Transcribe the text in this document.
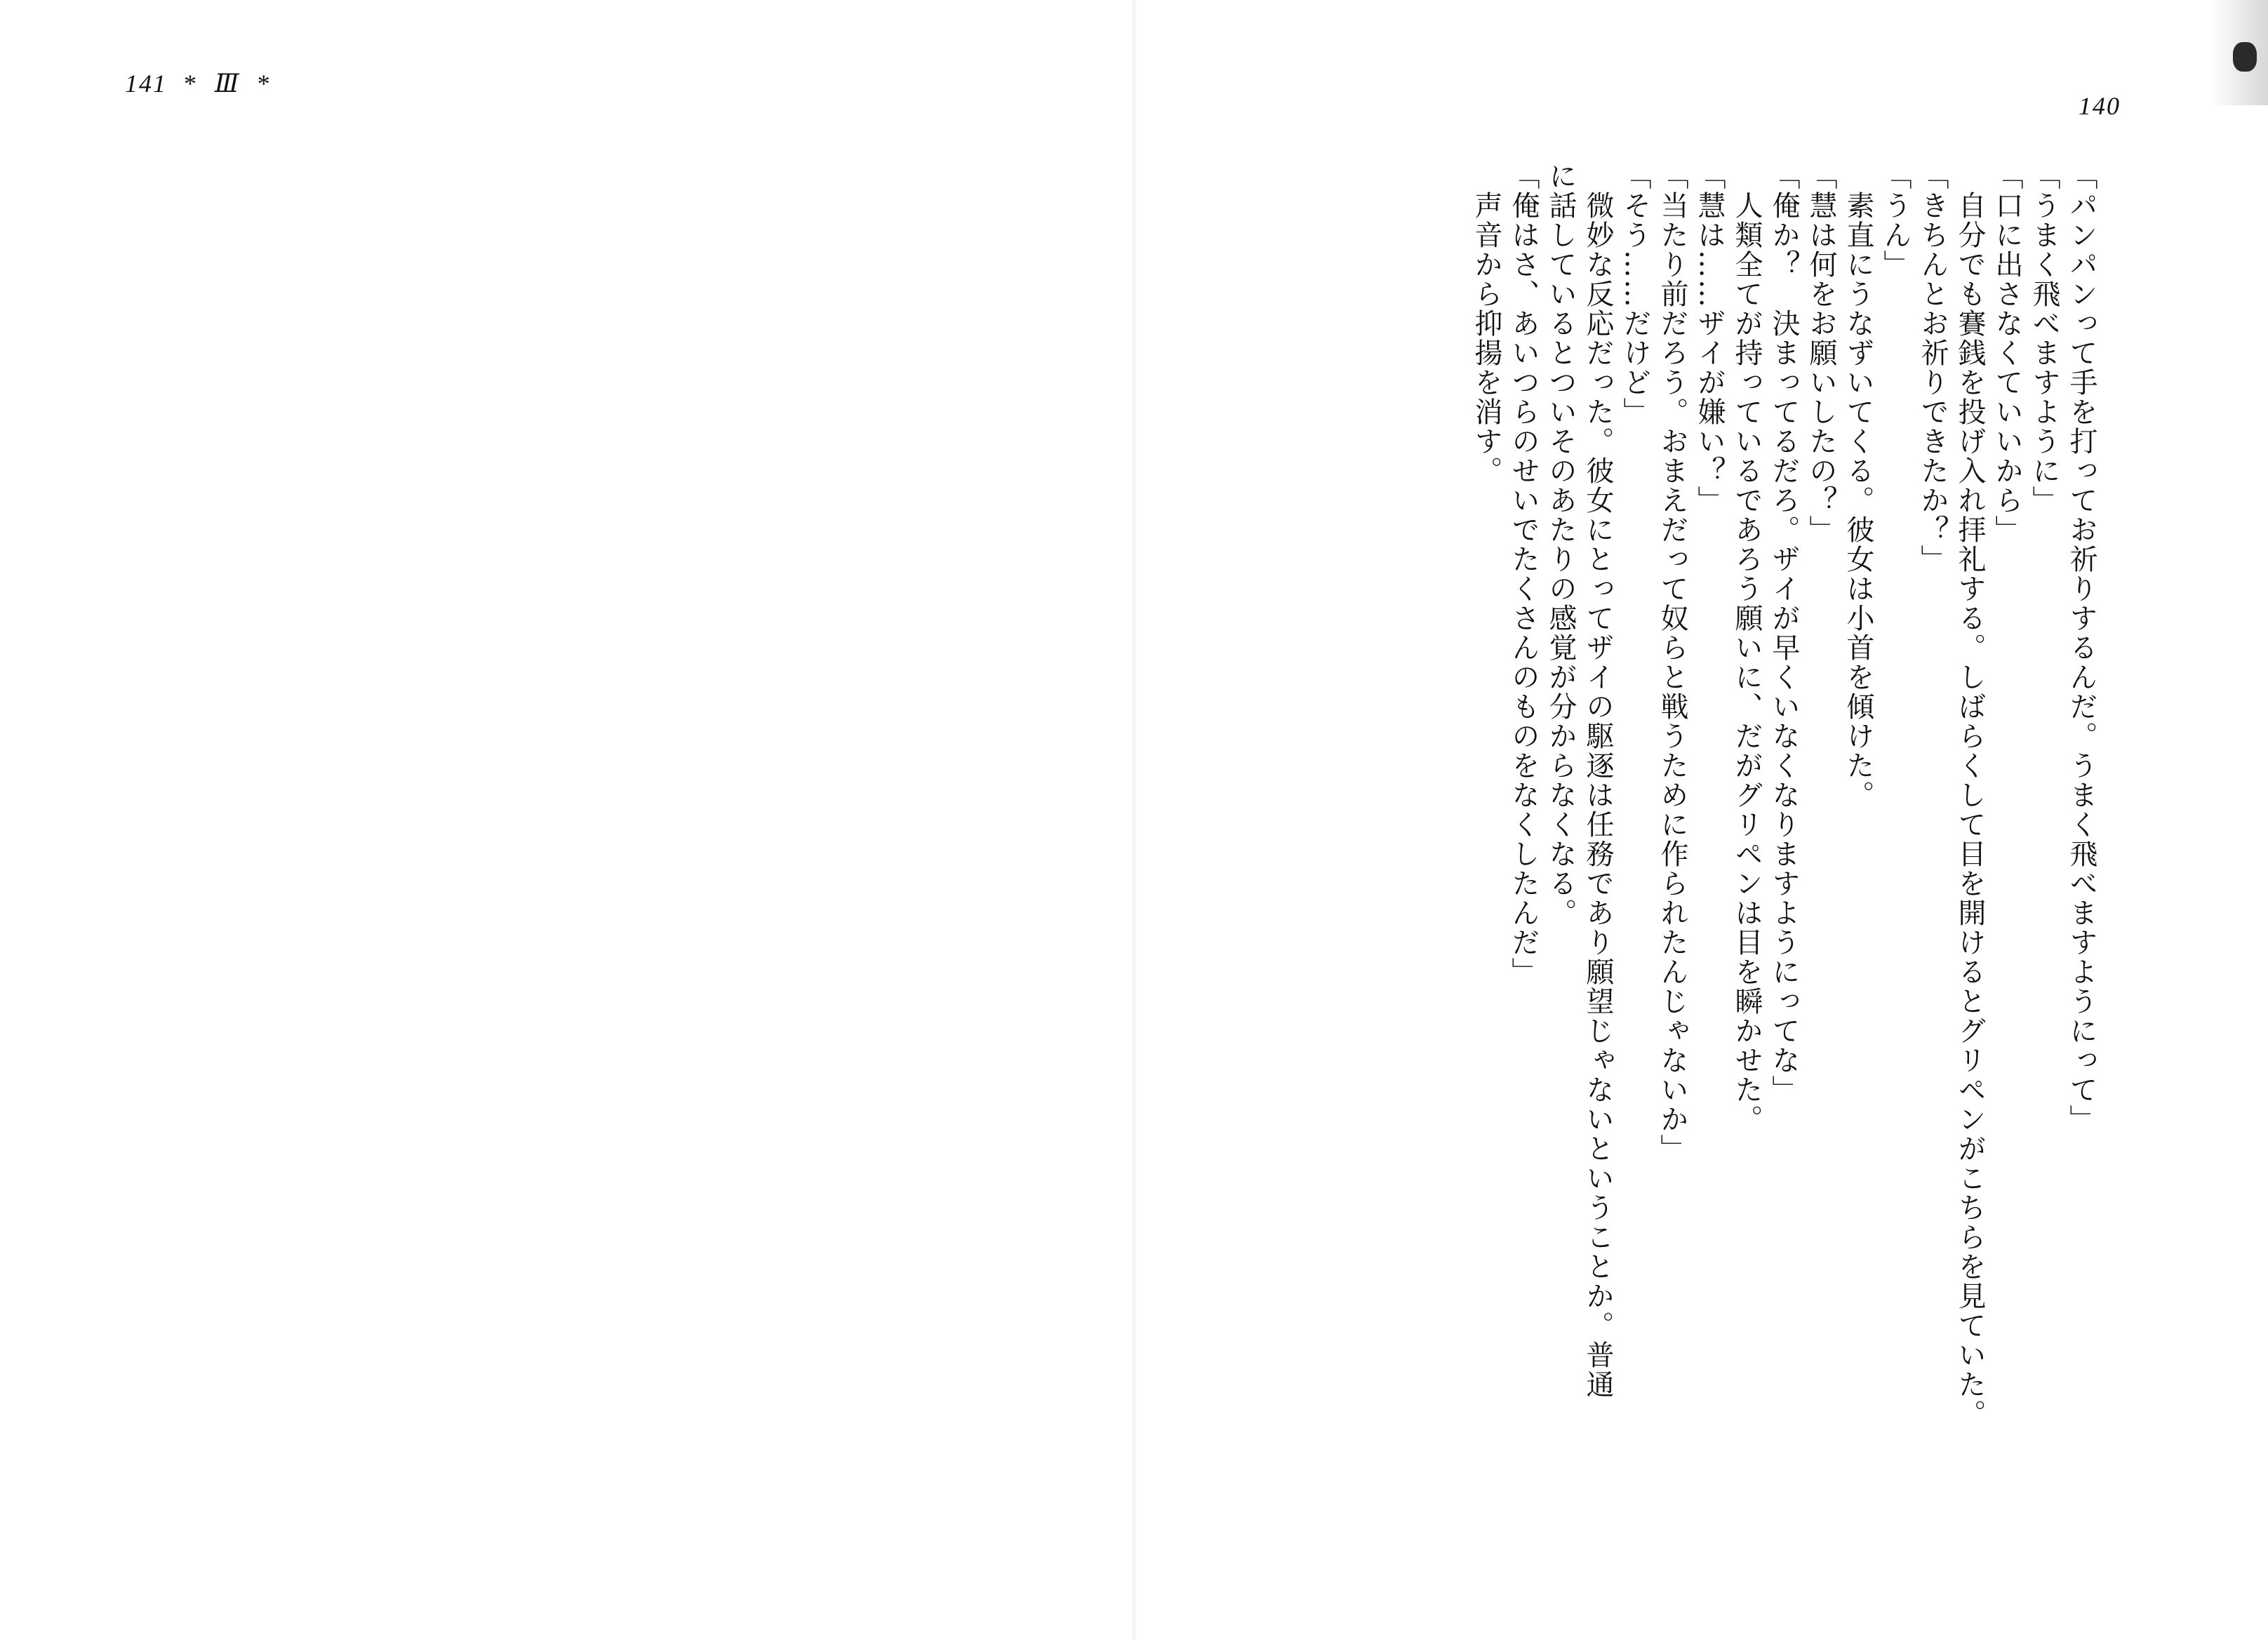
141 * Ⅲ *
140
「パンパンって手を打ってお祈りするんだ。うまく飛べますようにって」
「うまく飛べますように」
「口に出さなくていいから」
　自分でも賽銭を投げ入れ拝礼する。しばらくして目を開けるとグリペンがこちらを見ていた。
「きちんとお祈りできたか？」
「うん」
　素直にうなずいてくる。彼女は小首を傾けた。
「慧は何をお願いしたの？」
「俺か？　決まってるだろ。ザイが早くいなくなりますようにってな」
　人類全てが持っているであろう願いに、だがグリペンは目を瞬かせた。
「慧は……ザイが嫌い？」
「当たり前だろう。おまえだって奴らと戦うために作られたんじゃないか」
「そう……だけど」
　微妙な反応だった。彼女にとってザイの駆逐は任務であり願望じゃないということか。普通
に話しているとついそのあたりの感覚が分からなくなる。
「俺はさ、あいつらのせいでたくさんのものをなくしたんだ」
　声音から抑揚を消す。
